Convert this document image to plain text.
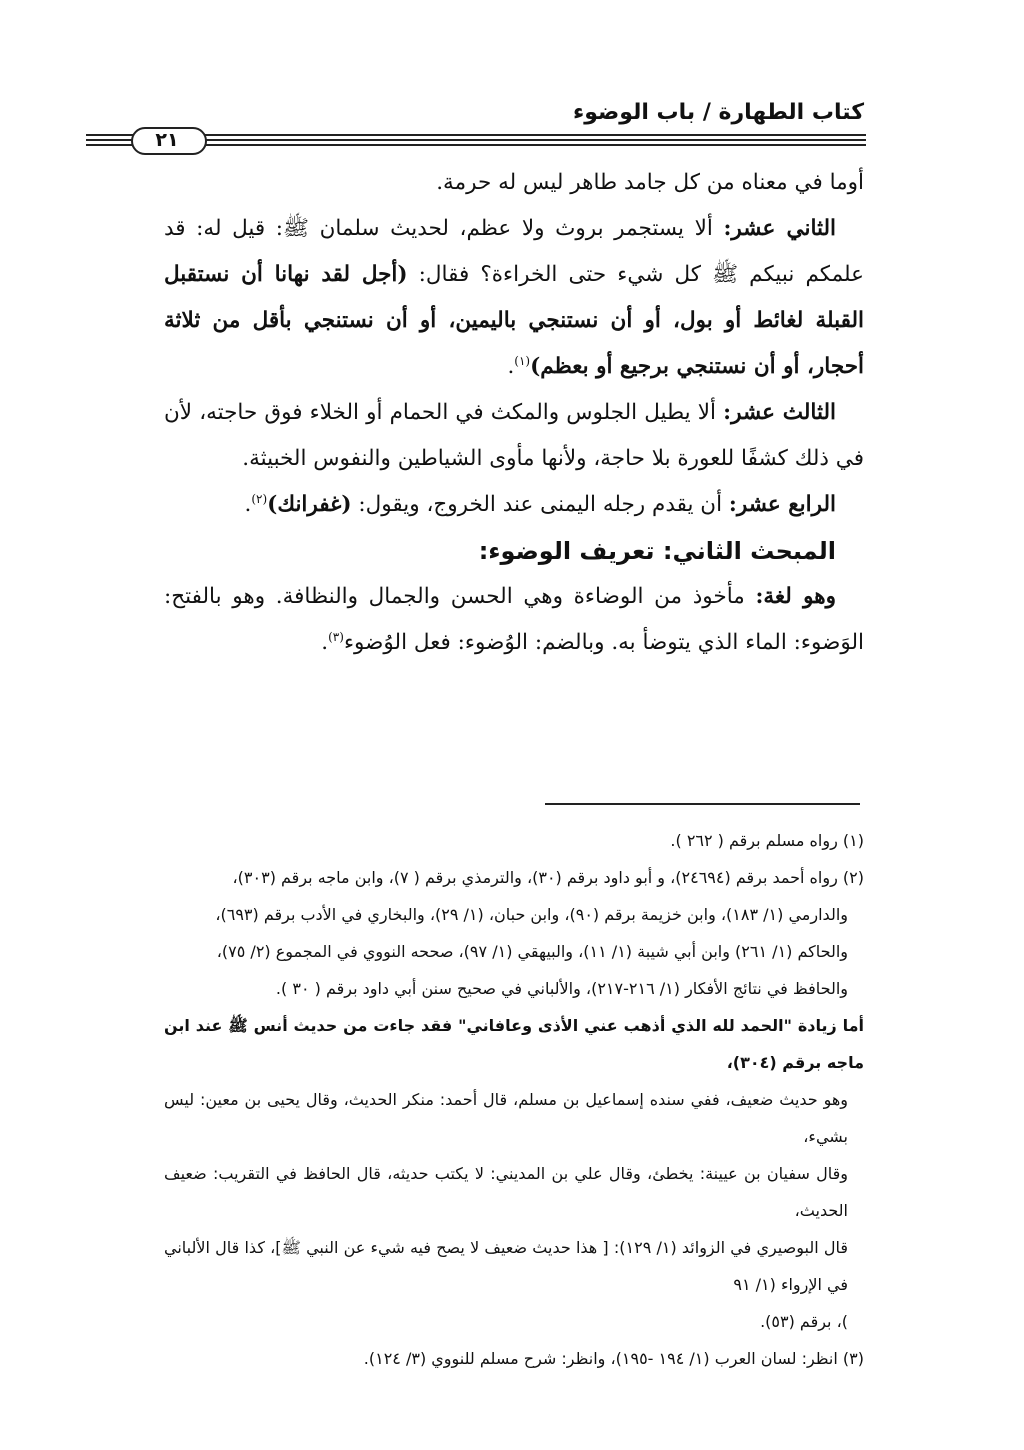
كتاب الطهارة / باب الوضوء
٢١

أوما في معناه من كل جامد طاهر ليس له حرمة.

الثاني عشر: ألا يستجمر بروث ولا عظم، لحديث سلمان ﷺ: قيل له: قد علمكم نبيكم ﷺ كل شيء حتى الخراءة؟ فقال: (أجل لقد نهانا أن نستقبل القبلة لغائط أو بول، أو أن نستنجي باليمين، أو أن نستنجي بأقل من ثلاثة أحجار، أو أن نستنجي برجيع أو بعظم)$^{(١)}$.

الثالث عشر: ألا يطيل الجلوس والمكث في الحمام أو الخلاء فوق حاجته، لأن في ذلك كشفًا للعورة بلا حاجة، ولأنها مأوى الشياطين والنفوس الخبيثة.

الرابع عشر: أن يقدم رجله اليمنى عند الخروج، ويقول: (غفرانك)$^{(٢)}$.

المبحث الثاني: تعريف الوضوء:

وهو لغة: مأخوذ من الوضاءة وهي الحسن والجمال والنظافة. وهو بالفتح: الوَضوء: الماء الذي يتوضأ به. وبالضم: الوُضوء: فعل الوُضوء$^{(٣)}$.

(١) رواه مسلم برقم ( ٢٦٢ ).

(٢) رواه أحمد برقم (٢٤٦٩٤)، و أبو داود برقم (٣٠)، والترمذي برقم ( ٧)، وابن ماجه برقم (٣٠٣)،

والدارمي (١/ ١٨٣)، وابن خزيمة برقم (٩٠)، وابن حبان، (١/ ٢٩)، والبخاري في الأدب برقم (٦٩٣)،

والحاكم (١/ ٢٦١) وابن أبي شيبة (١/ ١١)، والبيهقي (١/ ٩٧)، صححه النووي في المجموع (٢/ ٧٥)،

والحافظ في نتائج الأفكار (١/ ٢١٦-٢١٧)، والألباني في صحيح سنن أبي داود برقم ( ٣٠ ).

أما زيادة "الحمد لله الذي أذهب عني الأذى وعافاني" فقد جاءت من حديث أنس ﷺ عند ابن ماجه برقم (٣٠٤)،

وهو حديث ضعيف، ففي سنده إسماعيل بن مسلم، قال أحمد: منكر الحديث، وقال يحيى بن معين: ليس بشيء،

وقال سفيان بن عيينة: يخطئ، وقال علي بن المديني: لا يكتب حديثه، قال الحافظ في التقريب: ضعيف الحديث،

قال البوصيري في الزوائد (١/ ١٢٩): [ هذا حديث ضعيف لا يصح فيه شيء عن النبي ﷺ]، كذا قال الألباني في الإرواء (١/ ٩١

)، برقم (٥٣).

(٣) انظر: لسان العرب (١/ ١٩٤ -١٩٥)، وانظر: شرح مسلم للنووي (٣/ ١٢٤).
